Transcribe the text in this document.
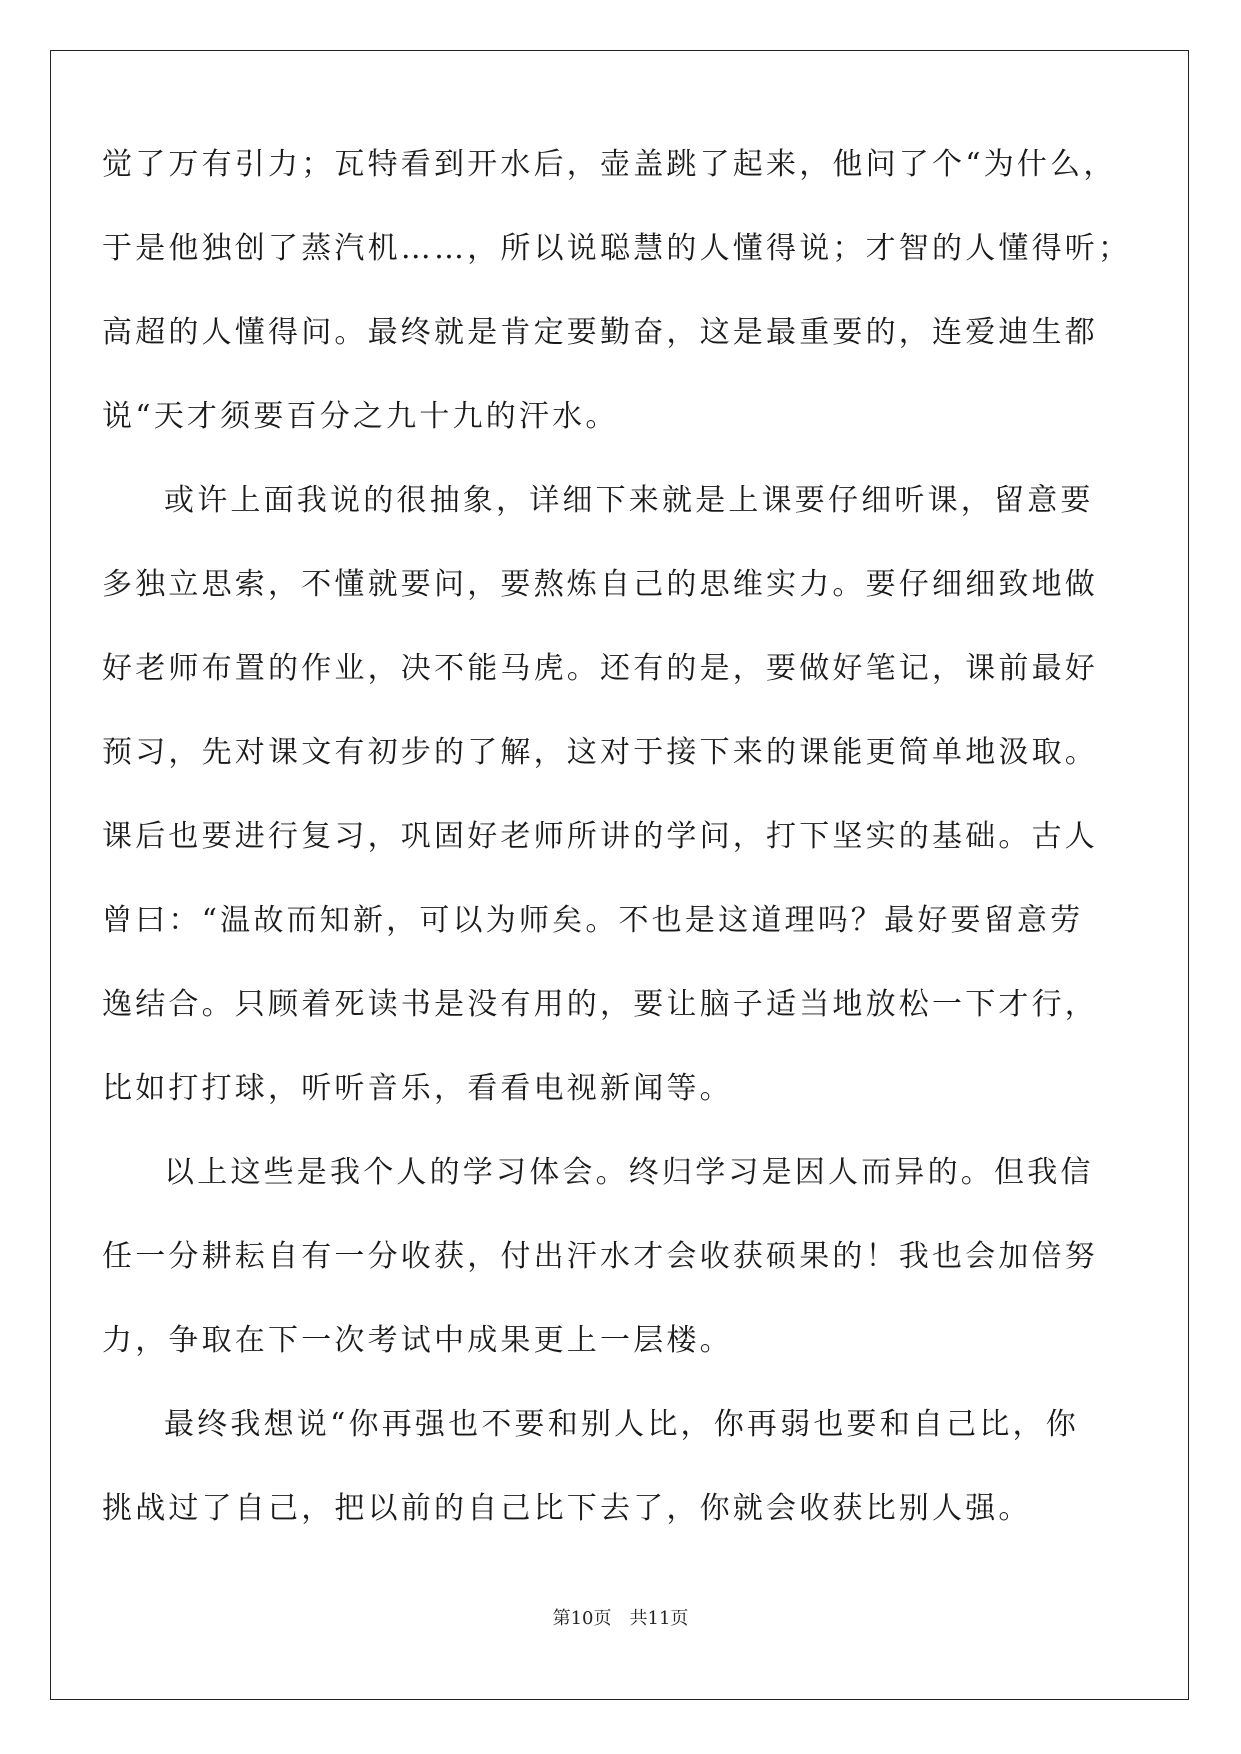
觉了万有引力；瓦特看到开水后，壶盖跳了起来，他问了个“为什么，
于是他独创了蒸汽机……，所以说聪慧的人懂得说；才智的人懂得听；
高超的人懂得问。最终就是肯定要勤奋，这是最重要的，连爱迪生都
说“天才须要百分之九十九的汗水。
或许上面我说的很抽象，详细下来就是上课要仔细听课，留意要
多独立思索，不懂就要问，要熬炼自己的思维实力。要仔细细致地做
好老师布置的作业，决不能马虎。还有的是，要做好笔记，课前最好
预习，先对课文有初步的了解，这对于接下来的课能更简单地汲取。
课后也要进行复习，巩固好老师所讲的学问，打下坚实的基础。古人
曾曰：“温故而知新，可以为师矣。不也是这道理吗？最好要留意劳
逸结合。只顾着死读书是没有用的，要让脑子适当地放松一下才行，
比如打打球，听听音乐，看看电视新闻等。
以上这些是我个人的学习体会。终归学习是因人而异的。但我信
任一分耕耘自有一分收获，付出汗水才会收获硕果的！我也会加倍努
力，争取在下一次考试中成果更上一层楼。
最终我想说“你再强也不要和别人比，你再弱也要和自己比，你
挑战过了自己，把以前的自己比下去了，你就会收获比别人强。
第10页　共11页
